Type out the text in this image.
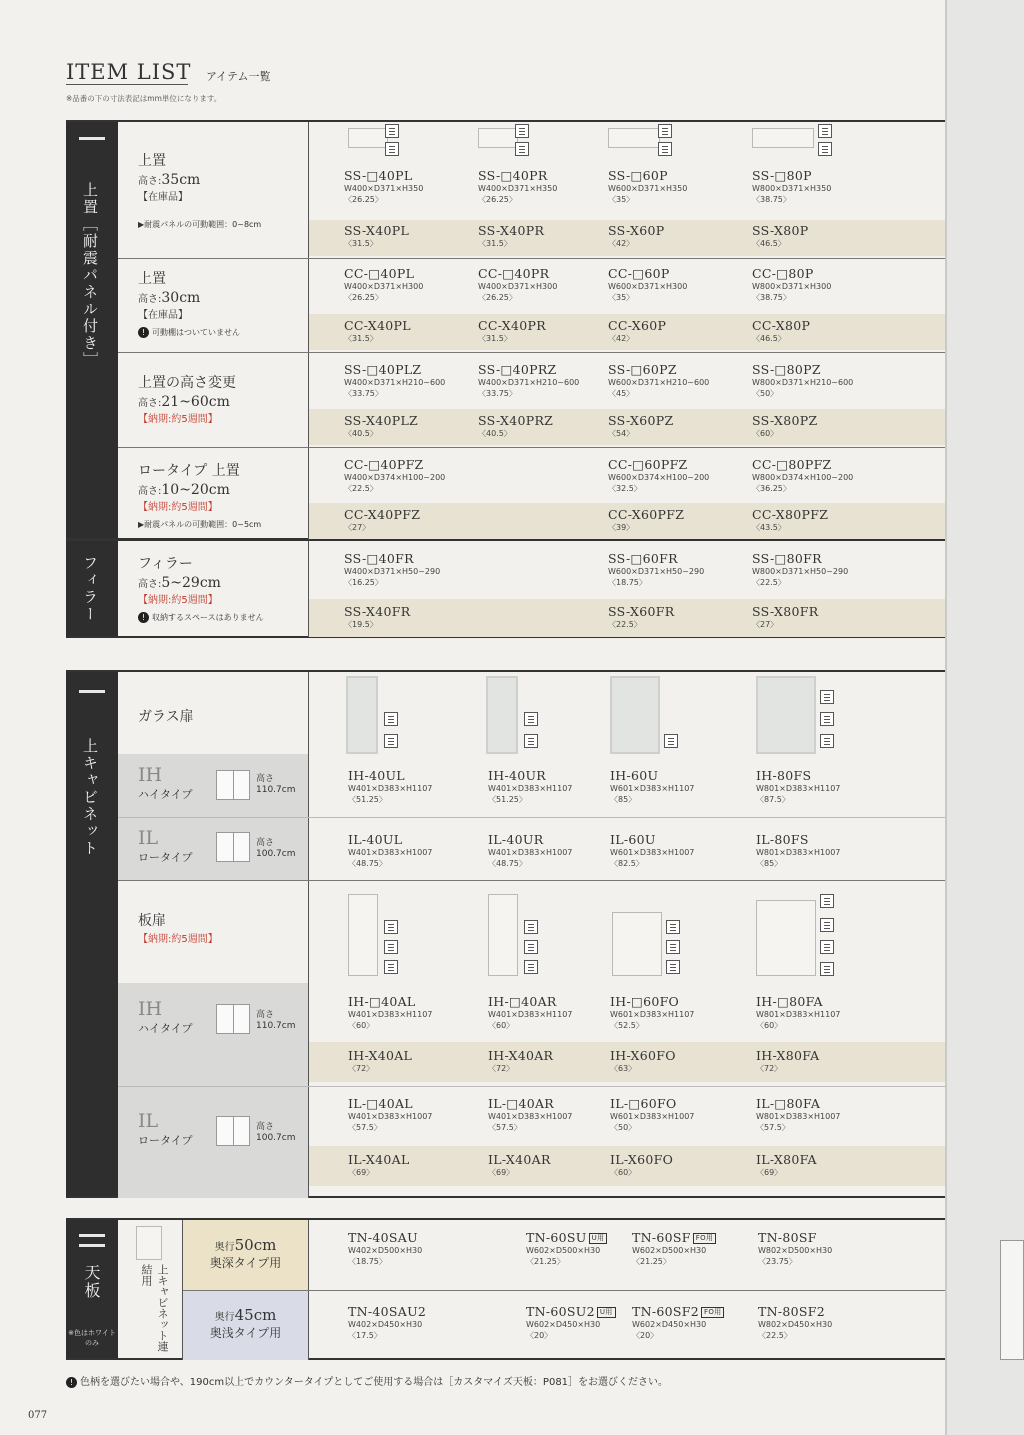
ITEM LIST アイテム一覧
※品番の下の寸法表記はmm単位になります。
上置［耐震パネル付き］
上置
高さ:35cm
【在庫品】
▶耐震パネルの可動範囲：0~8cm
上置
高さ:30cm
【在庫品】
! 可動棚はついていません
上置の高さ変更
高さ:21~60cm
【納期:約5週間】
ロータイプ 上置
高さ:10~20cm
【納期:約5週間】
▶耐震パネルの可動範囲：0~5cm
SS-□40PL
W400×D371×H350
〈26.25〉
SS-□40PR
W400×D371×H350
〈26.25〉
SS-□60P
W600×D371×H350
〈35〉
SS-□80P
W800×D371×H350
〈38.75〉
SS-X40PL
〈31.5〉
SS-X40PR
〈31.5〉
SS-X60P
〈42〉
SS-X80P
〈46.5〉
CC-□40PL
W400×D371×H300
〈26.25〉
CC-□40PR
W400×D371×H300
〈26.25〉
CC-□60P
W600×D371×H300
〈35〉
CC-□80P
W800×D371×H300
〈38.75〉
CC-X40PL
〈31.5〉
CC-X40PR
〈31.5〉
CC-X60P
〈42〉
CC-X80P
〈46.5〉
SS-□40PLZ
W400×D371×H210~600
〈33.75〉
SS-□40PRZ
W400×D371×H210~600
〈33.75〉
SS-□60PZ
W600×D371×H210~600
〈45〉
SS-□80PZ
W800×D371×H210~600
〈50〉
SS-X40PLZ
〈40.5〉
SS-X40PRZ
〈40.5〉
SS-X60PZ
〈54〉
SS-X80PZ
〈60〉
CC-□40PFZ
W400×D374×H100~200
〈22.5〉
CC-□60PFZ
W600×D374×H100~200
〈32.5〉
CC-□80PFZ
W800×D374×H100~200
〈36.25〉
CC-X40PFZ
〈27〉
CC-X60PFZ
〈39〉
CC-X80PFZ
〈43.5〉
フィラー	フィラー
高さ:5~29cm
【納期:約5週間】
! 収納するスペースはありません
SS-□40FR
W400×D371×H50~290
〈16.25〉
SS-□60FR
W600×D371×H50~290
〈18.75〉
SS-□80FR
W800×D371×H50~290
〈22.5〉
SS-X40FR
〈19.5〉
SS-X60FR
〈22.5〉
SS-X80FR
〈27〉
上キャビネット
ガラス扉
IH
ハイタイプ
高さ
110.7cm
IL
ロータイプ
高さ
100.7cm
板扉
【納期:約5週間】
IH
ハイタイプ
高さ
110.7cm
IL
ロータイプ
高さ
100.7cm
IH-40UL
W401×D383×H1107
〈51.25〉
IH-40UR
W401×D383×H1107
〈51.25〉
IH-60U
W601×D383×H1107
〈85〉
IH-80FS
W801×D383×H1107
〈87.5〉
IL-40UL
W401×D383×H1007
〈48.75〉
IL-40UR
W401×D383×H1007
〈48.75〉
IL-60U
W601×D383×H1007
〈82.5〉
IL-80FS
W801×D383×H1007
〈85〉
IH-□40AL
W401×D383×H1107
〈60〉
IH-□40AR
W401×D383×H1107
〈60〉
IH-□60FO
W601×D383×H1107
〈52.5〉
IH-□80FA
W801×D383×H1107
〈60〉
IH-X40AL
〈72〉
IH-X40AR
〈72〉
IH-X60FO
〈63〉
IH-X80FA
〈72〉
IL-□40AL
W401×D383×H1007
〈57.5〉
IL-□40AR
W401×D383×H1007
〈57.5〉
IL-□60FO
W601×D383×H1007
〈50〉
IL-□80FA
W801×D383×H1007
〈57.5〉
IL-X40AL
〈69〉
IL-X40AR
〈69〉
IL-X60FO
〈60〉
IL-X80FA
〈69〉
天板
※色はホワイトのみ	上キャビネット連結用
奥行50cm
奥深タイプ用
奥行45cm
奥浅タイプ用
TN-40SAU
W402×D500×H30
〈18.75〉
TN-60SU U用
W602×D500×H30
〈21.25〉
TN-60SF FO用
W602×D500×H30
〈21.25〉
TN-80SF
W802×D500×H30
〈23.75〉
TN-40SAU2
W402×D450×H30
〈17.5〉
TN-60SU2 U用
W602×D450×H30
〈20〉
TN-60SF2 FO用
W602×D450×H30
〈20〉
TN-80SF2
W802×D450×H30
〈22.5〉
! 色柄を選びたい場合や、190cm以上でカウンタータイプとしてご使用する場合は［カスタマイズ天板：P081］をお選びください。
077
